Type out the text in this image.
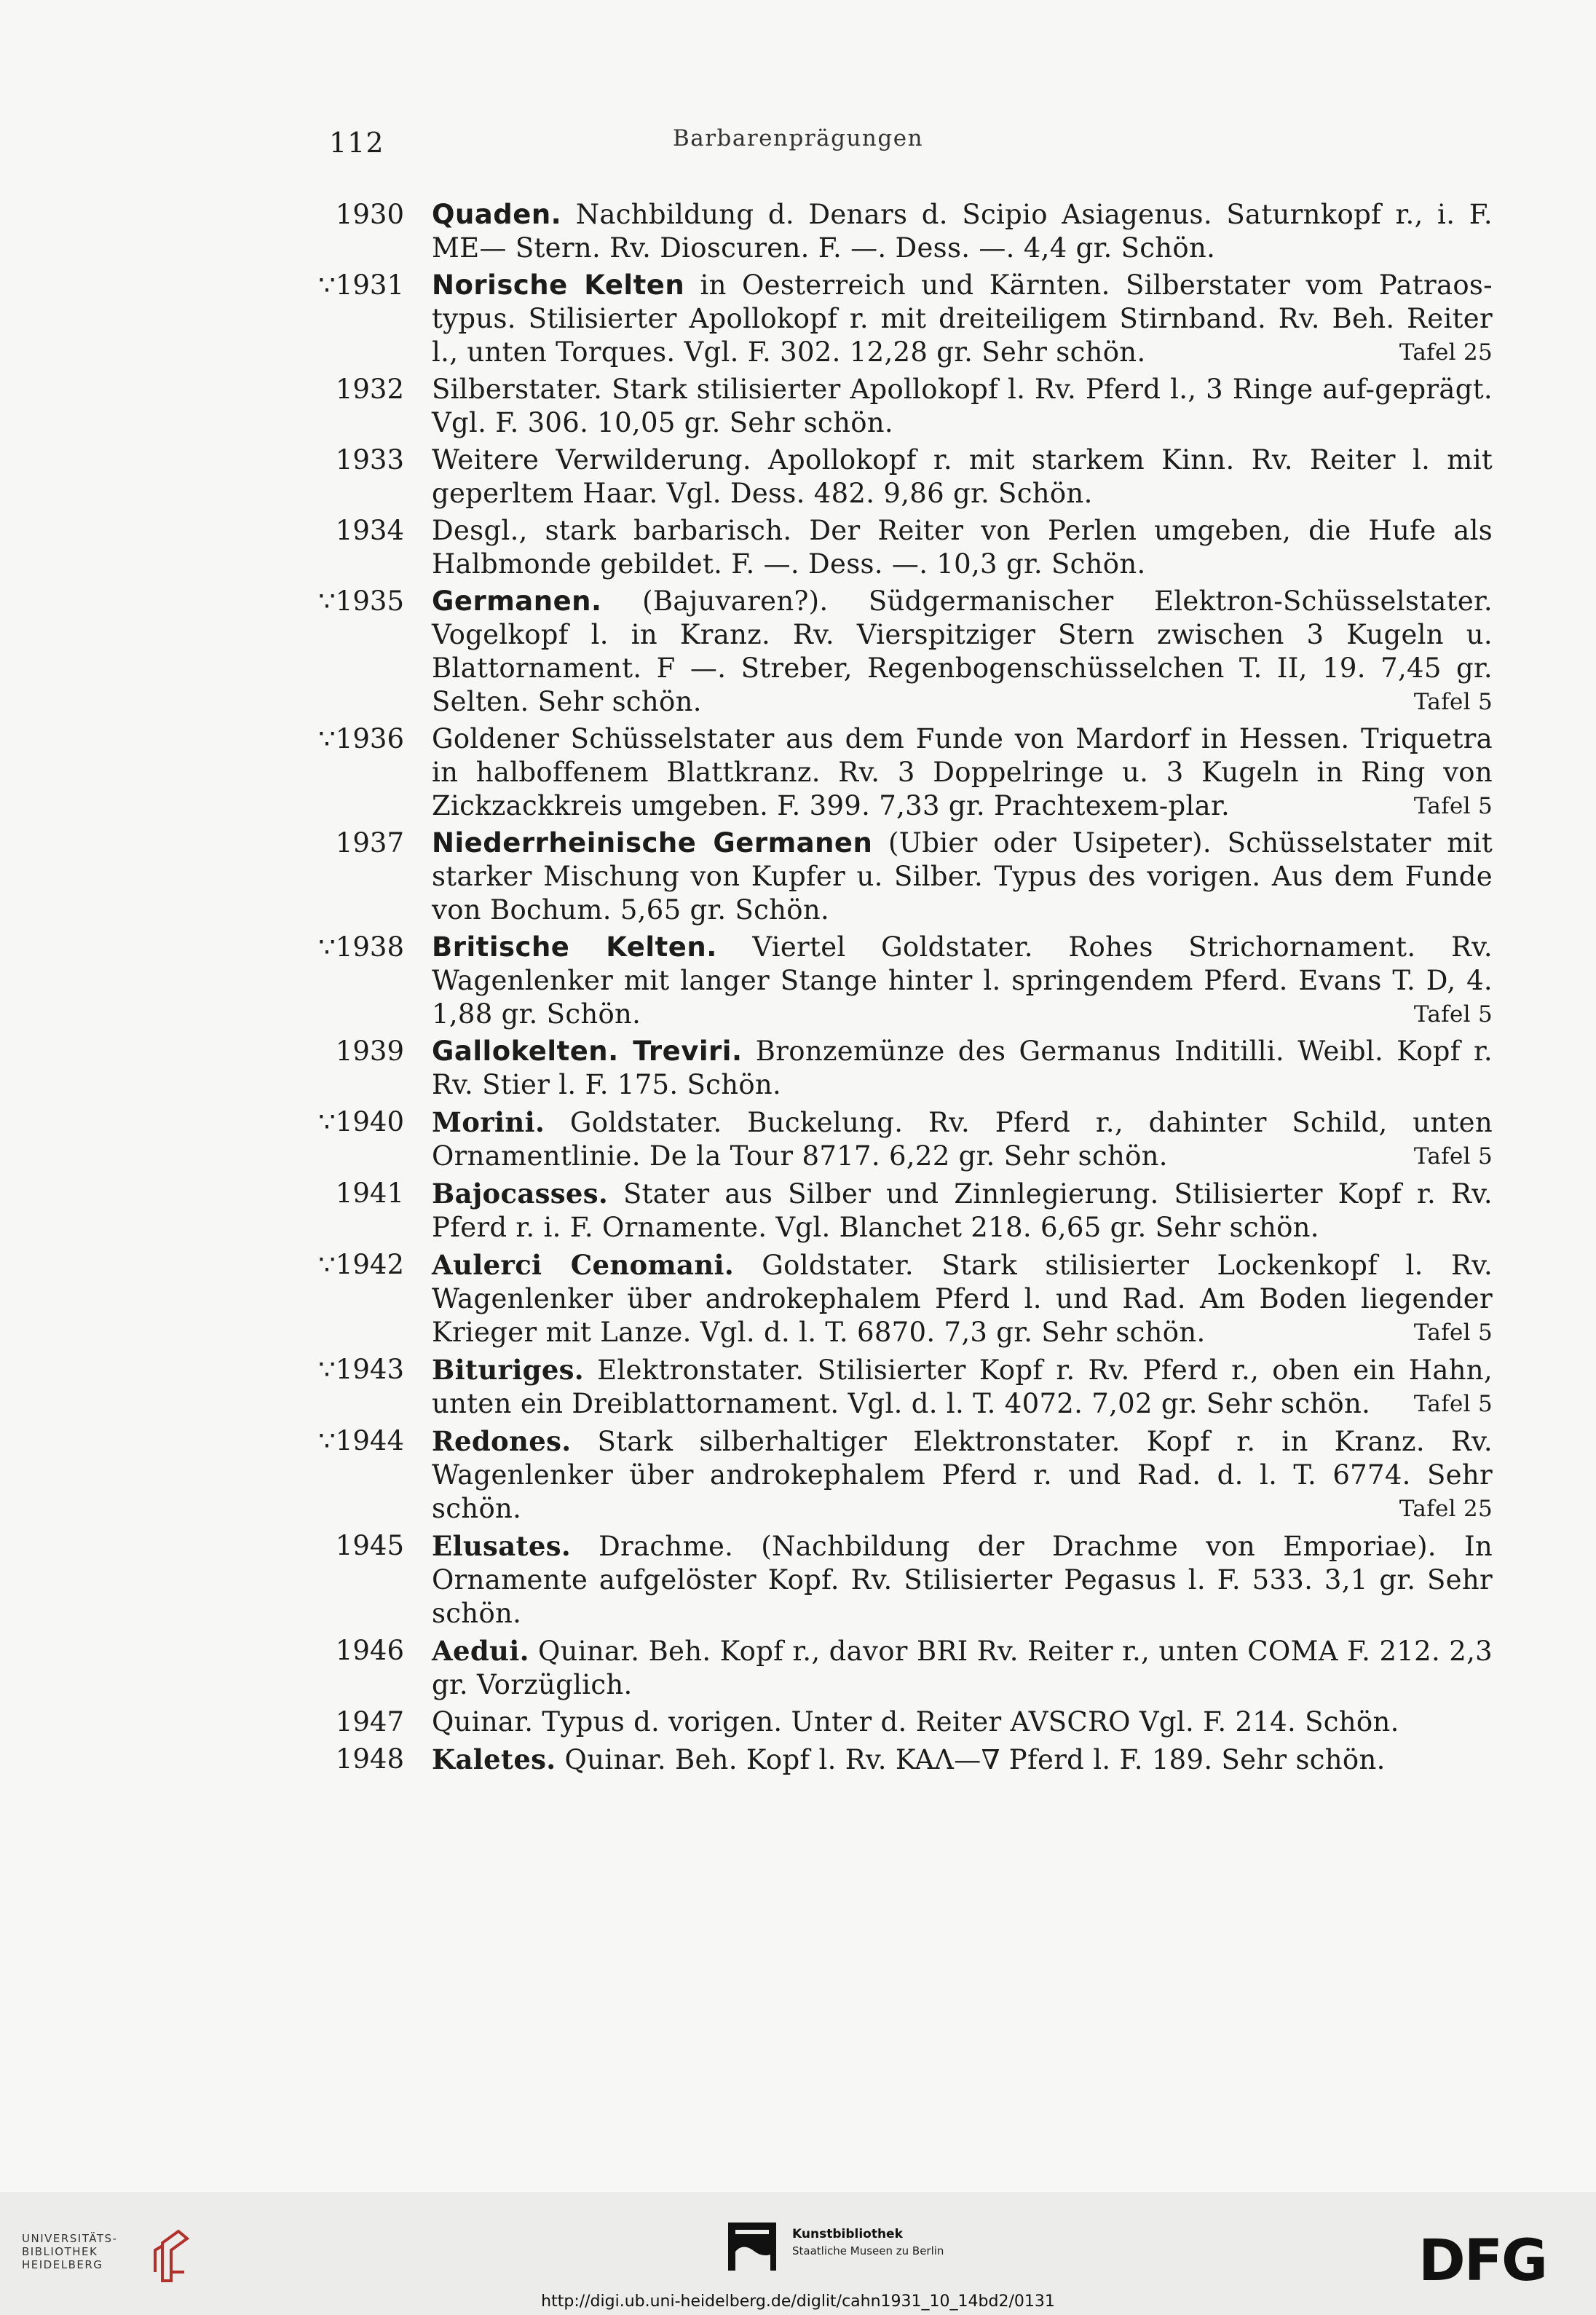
112	Barbarenprägungen
1930 Quaden. Nachbildung d. Denars d. Scipio Asiagenus. Saturnkopf r., i. F. ME— Stern. Rv. Dioscuren. F. —. Dess. —. 4,4 gr. Schön.
∵1931 Norische Kelten in Oesterreich und Kärnten. Silberstater vom Patraos-typus. Stilisierter Apollokopf r. mit dreiteiligem Stirnband. Rv. Beh. Reiter l., unten Torques. Vgl. F. 302. 12,28 gr. Sehr schön.	Tafel 25
1932 Silberstater. Stark stilisierter Apollokopf l. Rv. Pferd l., 3 Ringe auf-geprägt. Vgl. F. 306. 10,05 gr. Sehr schön.
1933 Weitere Verwilderung. Apollokopf r. mit starkem Kinn. Rv. Reiter l. mit geperltem Haar. Vgl. Dess. 482. 9,86 gr. Schön.
1934 Desgl., stark barbarisch. Der Reiter von Perlen umgeben, die Hufe als Halbmonde gebildet. F. —. Dess. —. 10,3 gr. Schön.
∵1935 Germanen. (Bajuvaren?). Südgermanischer Elektron-Schüsselstater. Vogelkopf l. in Kranz. Rv. Vierspitziger Stern zwischen 3 Kugeln u. Blattornament. F —. Streber, Regenbogenschüsselchen T. II, 19. 7,45 gr. Selten. Sehr schön.	Tafel 5
∵1936 Goldener Schüsselstater aus dem Funde von Mardorf in Hessen. Triquetra in halboffenem Blattkranz. Rv. 3 Doppelringe u. 3 Kugeln in Ring von Zickzackkreis umgeben. F. 399. 7,33 gr. Prachtexem-plar.	Tafel 5
1937 Niederrheinische Germanen (Ubier oder Usipeter). Schüsselstater mit starker Mischung von Kupfer u. Silber. Typus des vorigen. Aus dem Funde von Bochum. 5,65 gr. Schön.
∵1938 Britische Kelten. Viertel Goldstater. Rohes Strichornament. Rv. Wagenlenker mit langer Stange hinter l. springendem Pferd. Evans T. D, 4. 1,88 gr. Schön.	Tafel 5
1939 Gallokelten. Treviri. Bronzemünze des Germanus Inditilli. Weibl. Kopf r. Rv. Stier l. F. 175. Schön.
∵1940 Morini. Goldstater. Buckelung. Rv. Pferd r., dahinter Schild, unten Ornamentlinie. De la Tour 8717. 6,22 gr. Sehr schön.	Tafel 5
1941 Bajocasses. Stater aus Silber und Zinnlegierung. Stilisierter Kopf r. Rv. Pferd r. i. F. Ornamente. Vgl. Blanchet 218. 6,65 gr. Sehr schön.
∵1942 Aulerci Cenomani. Goldstater. Stark stilisierter Lockenkopf l. Rv. Wagenlenker über androkephalem Pferd l. und Rad. Am Boden liegender Krieger mit Lanze. Vgl. d. l. T. 6870. 7,3 gr. Sehr schön.	Tafel 5
∵1943 Bituriges. Elektronstater. Stilisierter Kopf r. Rv. Pferd r., oben ein Hahn, unten ein Dreiblattornament. Vgl. d. l. T. 4072. 7,02 gr. Sehr schön. Tafel 5
∵1944 Redones. Stark silberhaltiger Elektronstater. Kopf r. in Kranz. Rv. Wagenlenker über androkephalem Pferd r. und Rad. d. l. T. 6774. Sehr schön.	Tafel 25
1945 Elusates. Drachme. (Nachbildung der Drachme von Emporiae). In Ornamente aufgelöster Kopf. Rv. Stilisierter Pegasus l. F. 533. 3,1 gr. Sehr schön.
1946 Aedui. Quinar. Beh. Kopf r., davor BRI Rv. Reiter r., unten COMA F. 212. 2,3 gr. Vorzüglich.
1947 Quinar. Typus d. vorigen. Unter d. Reiter AVSCRO Vgl. F. 214. Schön.
1948 Kaletes. Quinar. Beh. Kopf l. Rv. KAΛ—∇ Pferd l. F. 189. Sehr schön.
UNIVERSITÄTS-
BIBLIOTHEK
HEIDELBERG
Kunstbibliothek
Staatliche Museen zu Berlin	DFG
http://digi.ub.uni-heidelberg.de/diglit/cahn1931_10_14bd2/0131
